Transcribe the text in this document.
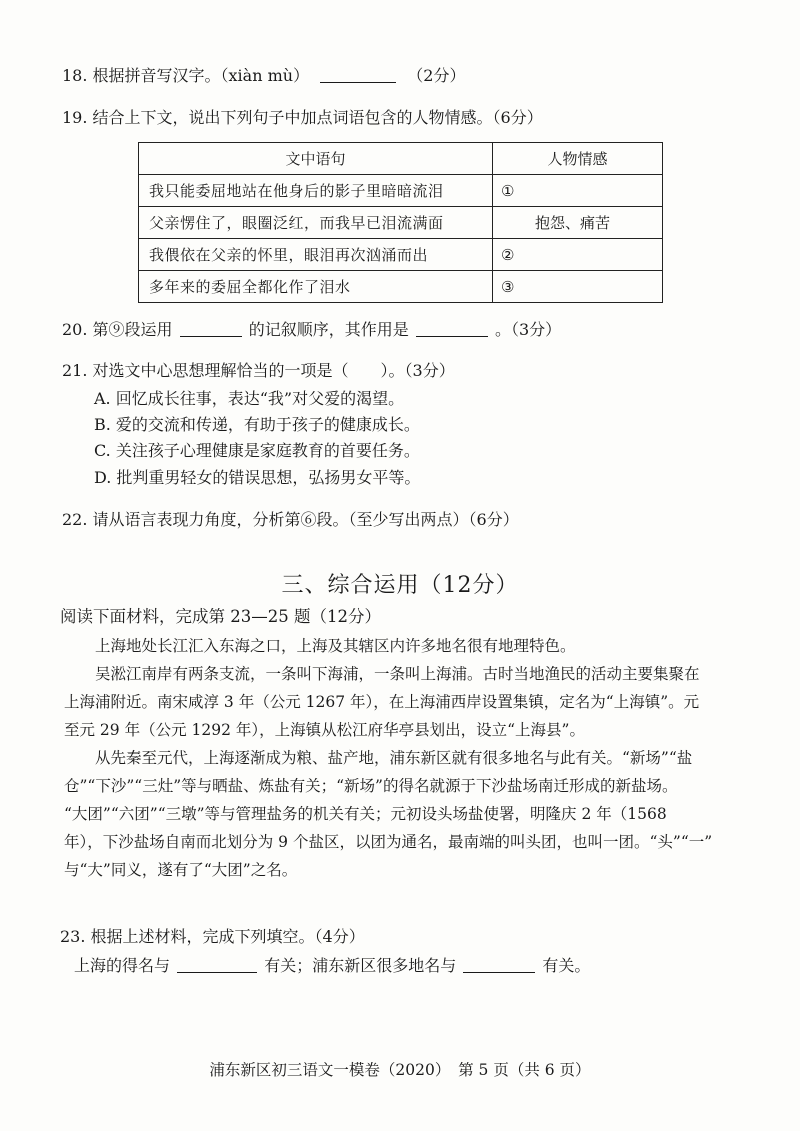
18. 根据拼音写汉字。（xiàn mù）	（2分）
19. 结合上下文，说出下列句子中加点词语包含的人物情感。（6分）
文中语句	人物情感
我只能委屈地站在他身后的影子里暗暗流泪	①
父亲愣住了，眼圈泛红，而我早已泪流满面	抱怨、痛苦
我偎依在父亲的怀里，眼泪再次汹涌而出	②
多年来的委屈全都化作了泪水	③
20. 第⑨段运用	的记叙顺序，其作用是	。（3分）
21. 对选文中心思想理解恰当的一项是（　　）。（3分）
A. 回忆成长往事，表达“我”对父爱的渴望。
B. 爱的交流和传递，有助于孩子的健康成长。
C. 关注孩子心理健康是家庭教育的首要任务。
D. 批判重男轻女的错误思想，弘扬男女平等。
22. 请从语言表现力角度，分析第⑥段。（至少写出两点）（6分）
三、综合运用（12分）
阅读下面材料，完成第 23—25 题（12分）
　　上海地处长江汇入东海之口，上海及其辖区内许多地名很有地理特色。
　　吴淞江南岸有两条支流，一条叫下海浦，一条叫上海浦。古时当地渔民的活动主要集聚在
上海浦附近。南宋咸淳 3 年（公元 1267 年），在上海浦西岸设置集镇，定名为“上海镇”。元
至元 29 年（公元 1292 年），上海镇从松江府华亭县划出，设立“上海县”。
　　从先秦至元代，上海逐渐成为粮、盐产地，浦东新区就有很多地名与此有关。“新场”“盐
仓”“下沙”“三灶”等与晒盐、炼盐有关；“新场”的得名就源于下沙盐场南迁形成的新盐场。
“大团”“六团”“三墩”等与管理盐务的机关有关；元初设头场盐使署，明隆庆 2 年（1568
年），下沙盐场自南而北划分为 9 个盐区，以团为通名，最南端的叫头团，也叫一团。“头”“一”
与“大”同义，遂有了“大团”之名。
23. 根据上述材料，完成下列填空。（4分）
上海的得名与	有关；浦东新区很多地名与	有关。
浦东新区初三语文一模卷（2020）　第 5 页（共 6 页）
